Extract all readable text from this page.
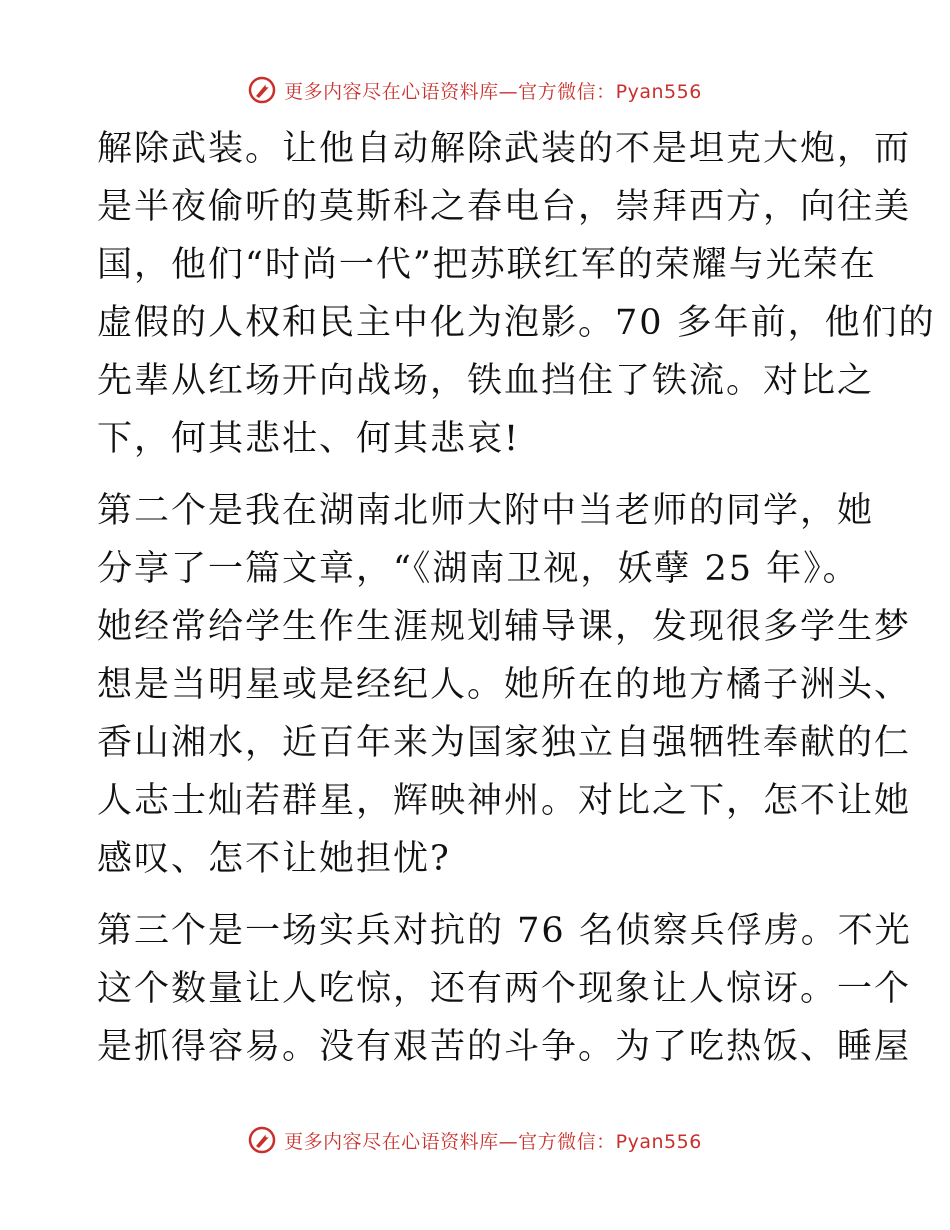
更多内容尽在心语资料库 —官方微信：Pyan556
解除武装。让他自动解除武装的不是坦克大炮，而
是半夜偷听的莫斯科之春电台，崇拜西方，向往美
国，他们“时尚一代”把苏联红军的荣耀与光荣在
虚假的人权和民主中化为泡影。70 多年前，他们的
先辈从红场开向战场，铁血挡住了铁流。对比之
下，何其悲壮、何其悲哀!
第二个是我在湖南北师大附中当老师的同学，她
分享了一篇文章，“《湖南卫视，妖孽 25 年》。
她经常给学生作生涯规划辅导课，发现很多学生梦
想是当明星或是经纪人。她所在的地方橘子洲头、
香山湘水，近百年来为国家独立自强牺牲奉献的仁
人志士灿若群星，辉映神州。对比之下，怎不让她
感叹、怎不让她担忧?
第三个是一场实兵对抗的 76 名侦察兵俘虏。不光
这个数量让人吃惊，还有两个现象让人惊讶。一个
是抓得容易。没有艰苦的斗争。为了吃热饭、睡屋
更多内容尽在心语资料库 —官方微信：Pyan556
